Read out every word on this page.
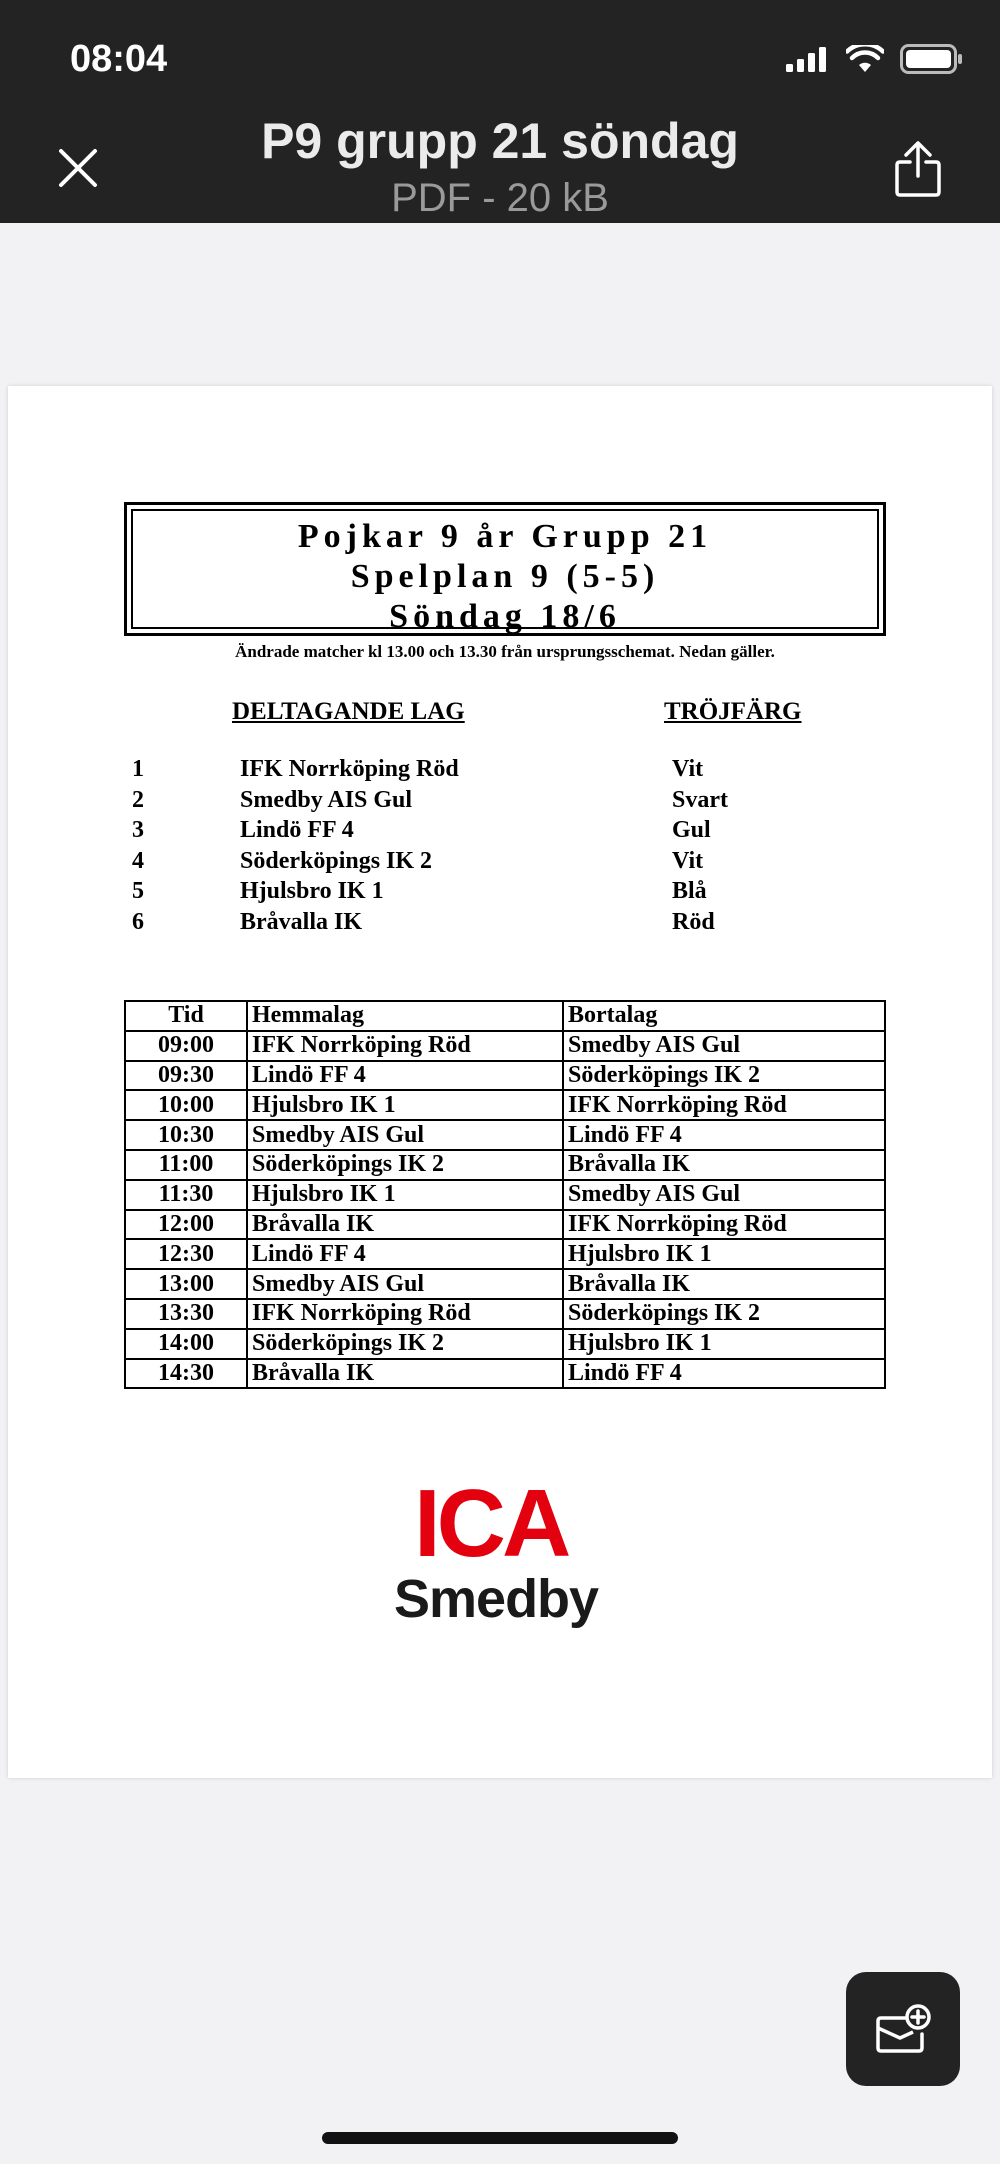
08:04
P9 grupp 21 söndag
PDF - 20 kB
Pojkar 9 år Grupp 21
Spelplan 9 (5-5)
Söndag 18/6
Ändrade matcher kl 13.00 och 13.30 från ursprungsschemat. Nedan gäller.
DELTAGANDE LAG	TRÖJFÄRG
1	IFK Norrköping Röd	Vit
2	Smedby AIS Gul	Svart
3	Lindö FF 4	Gul
4	Söderköpings IK 2	Vit
5	Hjulsbro IK 1	Blå
6	Bråvalla IK	Röd
Tid	Hemmalag	Bortalag
09:00	IFK Norrköping Röd	Smedby AIS Gul
09:30	Lindö FF 4	Söderköpings IK 2
10:00	Hjulsbro IK 1	IFK Norrköping Röd
10:30	Smedby AIS Gul	Lindö FF 4
11:00	Söderköpings IK 2	Bråvalla IK
11:30	Hjulsbro IK 1	Smedby AIS Gul
12:00	Bråvalla IK	IFK Norrköping Röd
12:30	Lindö FF 4	Hjulsbro IK 1
13:00	Smedby AIS Gul	Bråvalla IK
13:30	IFK Norrköping Röd	Söderköpings IK 2
14:00	Söderköpings IK 2	Hjulsbro IK 1
14:30	Bråvalla IK	Lindö FF 4
ICA
Smedby
